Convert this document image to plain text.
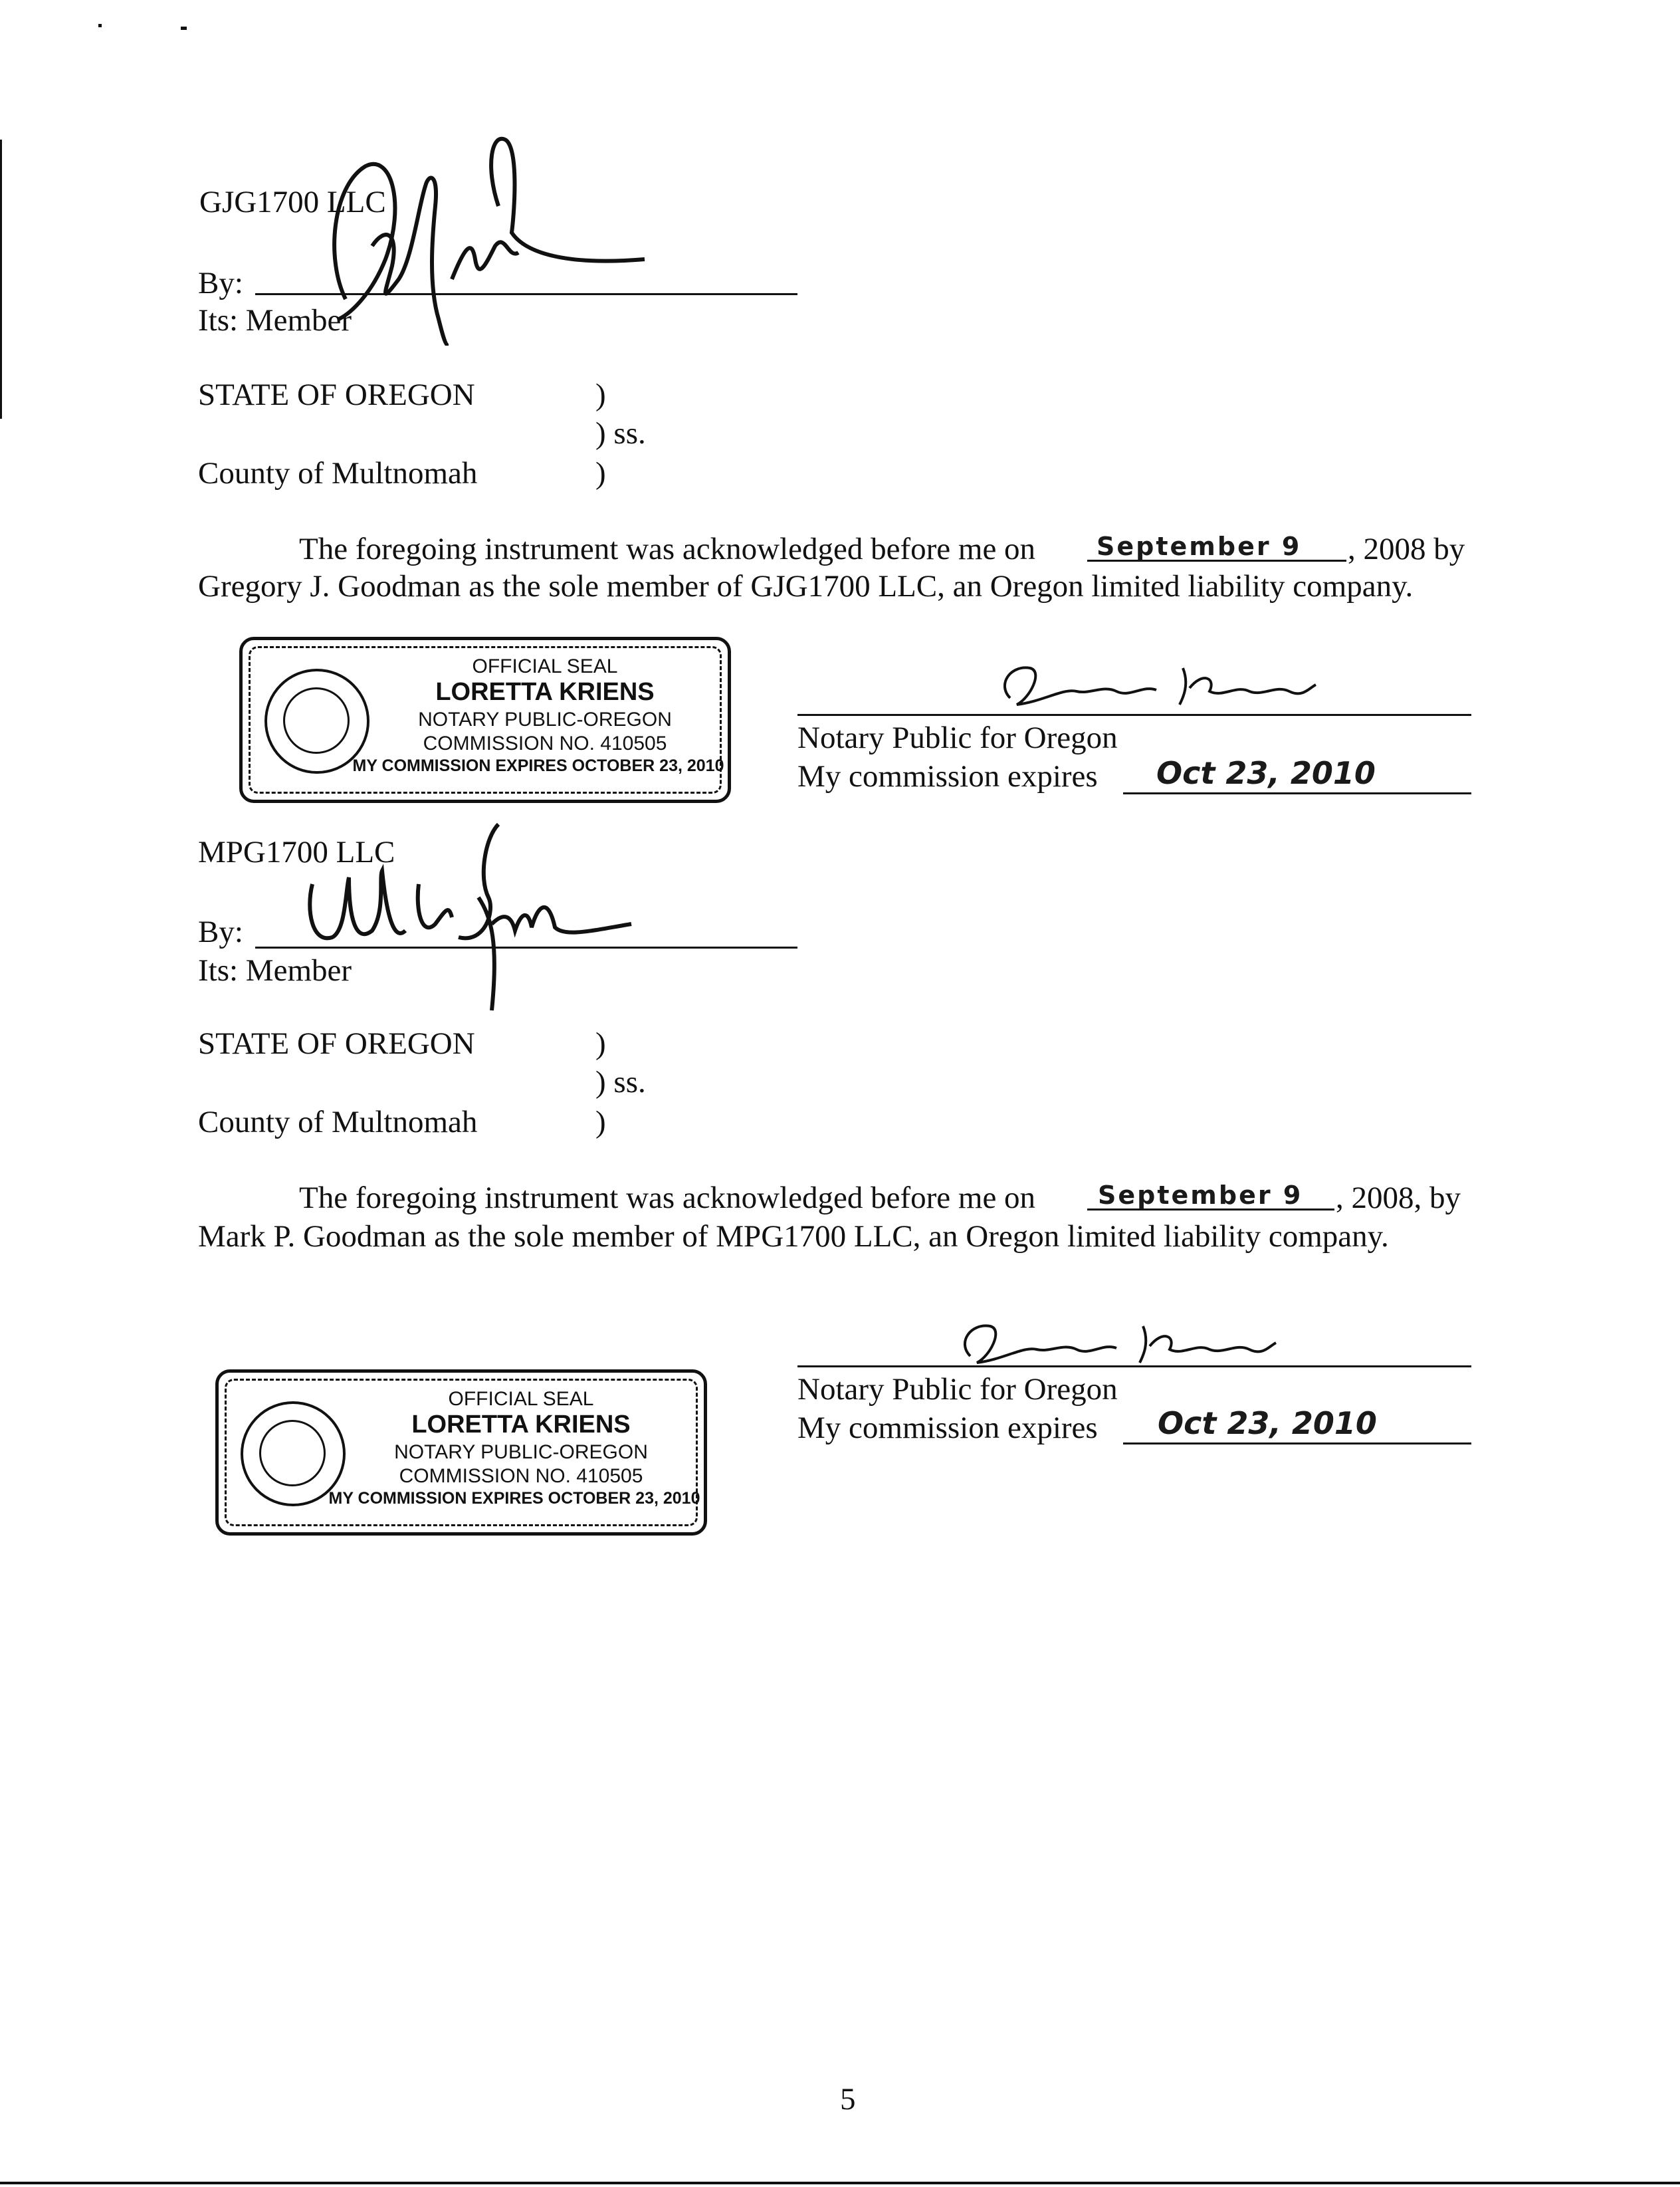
GJG1700 LLC
By:
Its: Member
STATE OF OREGON	)
) ss.
County of Multnomah	)
The foregoing instrument was acknowledged before me on September 9 , 2008 by
Gregory J. Goodman as the sole member of GJG1700 LLC, an Oregon limited liability company.
OFFICIAL SEAL
LORETTA KRIENS
NOTARY PUBLIC-OREGON
COMMISSION NO. 410505
MY COMMISSION EXPIRES OCTOBER 23, 2010
Notary Public for Oregon
My commission expires Oct 23, 2010
MPG1700 LLC
By:
Its: Member
STATE OF OREGON	)
) ss.
County of Multnomah	)
The foregoing instrument was acknowledged before me on September 9 , 2008, by
Mark P. Goodman as the sole member of MPG1700 LLC, an Oregon limited liability company.
Notary Public for Oregon
My commission expires Oct 23, 2010
OFFICIAL SEAL
LORETTA KRIENS
NOTARY PUBLIC-OREGON
COMMISSION NO. 410505
MY COMMISSION EXPIRES OCTOBER 23, 2010
5
